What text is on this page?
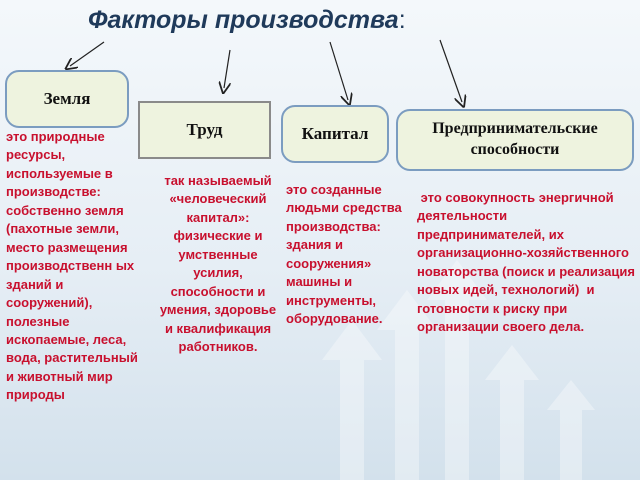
Факторы производства:
Земля
Труд	Капитал	Предпринимательские способности
это природные ресурсы, используемые в производстве: собственно земля (пахотные земли, место размещения производственн ых зданий и сооружений), полезные ископаемые, леса, вода, растительный и животный мир природы
так называемый «человеческий капитал»: физические и умственные усилия, способности и умения, здоровье и квалификация работников.
это созданные людьми средства производства: здания и сооружения» машины и инструменты, оборудование.
это совокупность энергичной деятельности предпринимателей, их организационно-хозяйственного новаторства (поиск и реализация новых идей, технологий)  и готовности к риску при организации своего дела.
